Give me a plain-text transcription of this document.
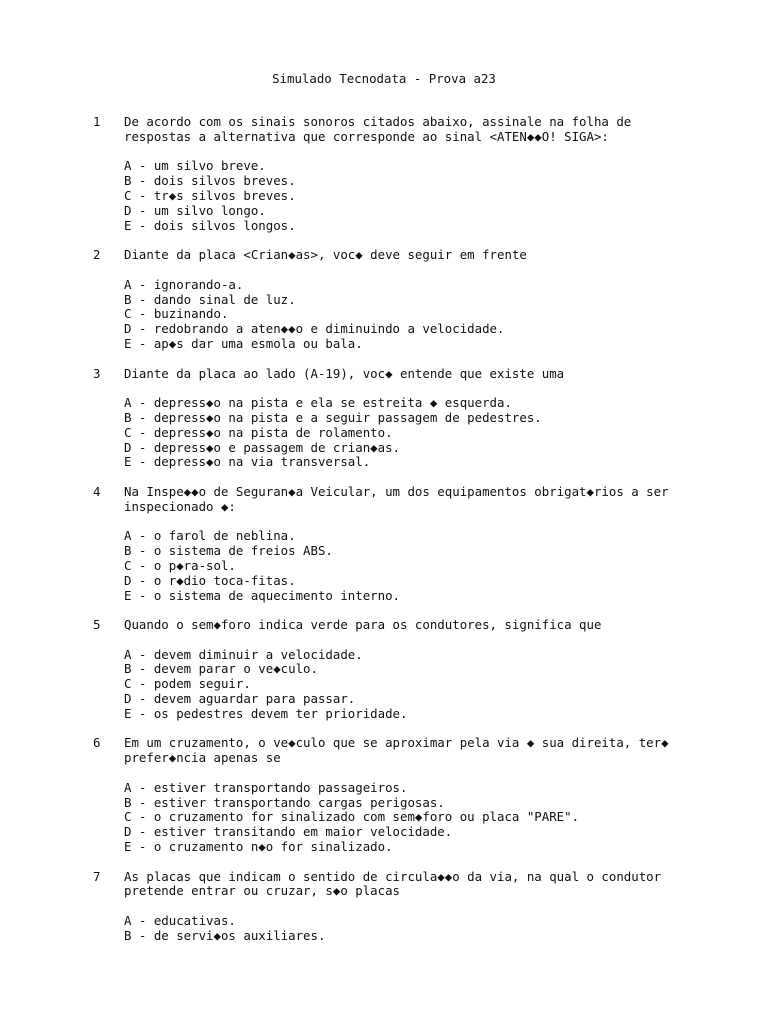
Simulado Tecnodata - Prova a23
1	De acordo com os sinais sonoros citados abaixo, assinale na folha de
respostas a alternativa que corresponde ao sinal <ATEN◆◆O! SIGA>:
A - um silvo breve.
B - dois silvos breves.
C - tr◆s silvos breves.
D - um silvo longo.
E - dois silvos longos.
2	Diante da placa <Crian◆as>, voc◆ deve seguir em frente
A - ignorando-a.
B - dando sinal de luz.
C - buzinando.
D - redobrando a aten◆◆o e diminuindo a velocidade.
E - ap◆s dar uma esmola ou bala.
3	Diante da placa ao lado (A-19), voc◆ entende que existe uma
A - depress◆o na pista e ela se estreita ◆ esquerda.
B - depress◆o na pista e a seguir passagem de pedestres.
C - depress◆o na pista de rolamento.
D - depress◆o e passagem de crian◆as.
E - depress◆o na via transversal.
4	Na Inspe◆◆o de Seguran◆a Veicular, um dos equipamentos obrigat◆rios a ser
inspecionado ◆:
A - o farol de neblina.
B - o sistema de freios ABS.
C - o p◆ra-sol.
D - o r◆dio toca-fitas.
E - o sistema de aquecimento interno.
5	Quando o sem◆foro indica verde para os condutores, significa que
A - devem diminuir a velocidade.
B - devem parar o ve◆culo.
C - podem seguir.
D - devem aguardar para passar.
E - os pedestres devem ter prioridade.
6	Em um cruzamento, o ve◆culo que se aproximar pela via ◆ sua direita, ter◆
prefer◆ncia apenas se
A - estiver transportando passageiros.
B - estiver transportando cargas perigosas.
C - o cruzamento for sinalizado com sem◆foro ou placa "PARE".
D - estiver transitando em maior velocidade.
E - o cruzamento n◆o for sinalizado.
7	As placas que indicam o sentido de circula◆◆o da via, na qual o condutor
pretende entrar ou cruzar, s◆o placas
A - educativas.
B - de servi◆os auxiliares.
